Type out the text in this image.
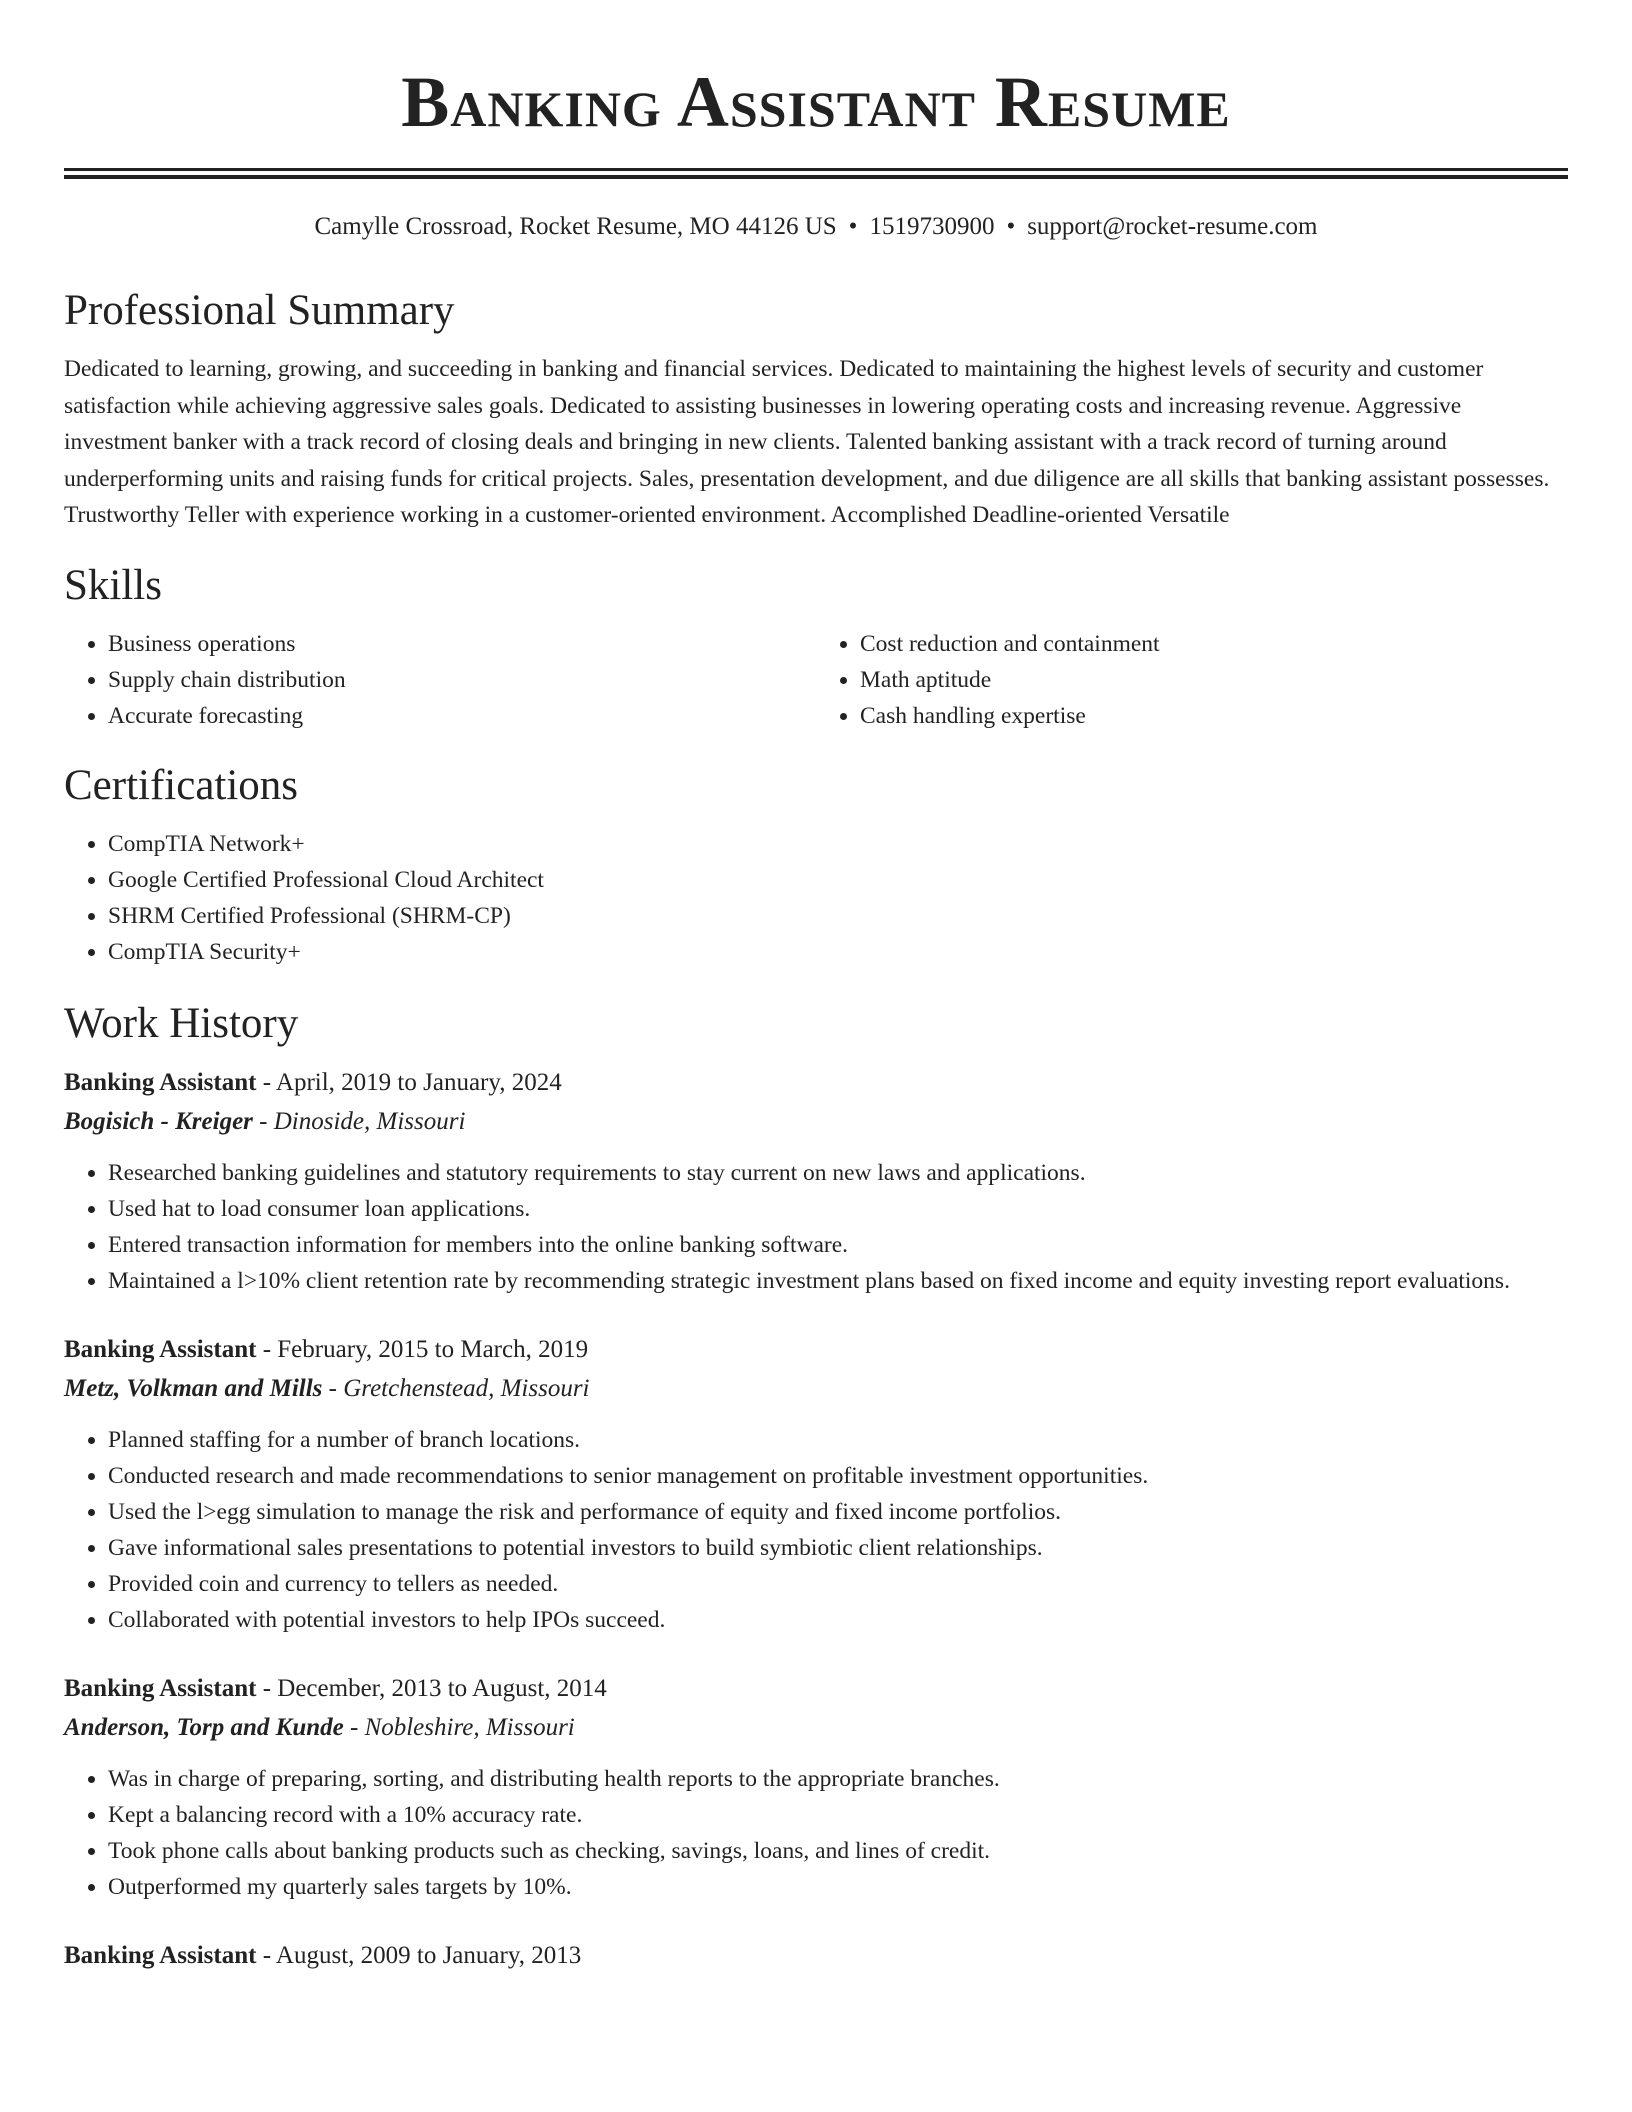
Banking Assistant Resume
Camylle Crossroad, Rocket Resume, MO 44126 US • 1519730900 • support@rocket-resume.com
Professional Summary

Dedicated to learning, growing, and succeeding in banking and financial services. Dedicated to maintaining the highest levels of security and customer satisfaction while achieving aggressive sales goals. Dedicated to assisting businesses in lowering operating costs and increasing revenue. Aggressive investment banker with a track record of closing deals and bringing in new clients. Talented banking assistant with a track record of turning around underperforming units and raising funds for critical projects. Sales, presentation development, and due diligence are all skills that banking assistant possesses. Trustworthy Teller with experience working in a customer-oriented environment. Accomplished Deadline-oriented Versatile

Skills
• Business operations
• Supply chain distribution
• Accurate forecasting
• Cost reduction and containment
• Math aptitude
• Cash handling expertise
Certifications
• CompTIA Network+
• Google Certified Professional Cloud Architect
• SHRM Certified Professional (SHRM-CP)
• CompTIA Security+
Work History

Banking Assistant - April, 2019 to January, 2024

Bogisich - Kreiger - Dinoside, Missouri

• Researched banking guidelines and statutory requirements to stay current on new laws and applications.
• Used hat to load consumer loan applications.
• Entered transaction information for members into the online banking software.
• Maintained a l>10% client retention rate by recommending strategic investment plans based on fixed income and equity investing report evaluations.

Banking Assistant - February, 2015 to March, 2019

Metz, Volkman and Mills - Gretchenstead, Missouri

• Planned staffing for a number of branch locations.
• Conducted research and made recommendations to senior management on profitable investment opportunities.
• Used the l>egg simulation to manage the risk and performance of equity and fixed income portfolios.
• Gave informational sales presentations to potential investors to build symbiotic client relationships.
• Provided coin and currency to tellers as needed.
• Collaborated with potential investors to help IPOs succeed.

Banking Assistant - December, 2013 to August, 2014

Anderson, Torp and Kunde - Nobleshire, Missouri

• Was in charge of preparing, sorting, and distributing health reports to the appropriate branches.
• Kept a balancing record with a 10% accuracy rate.
• Took phone calls about banking products such as checking, savings, loans, and lines of credit.
• Outperformed my quarterly sales targets by 10%.

Banking Assistant - August, 2009 to January, 2013
